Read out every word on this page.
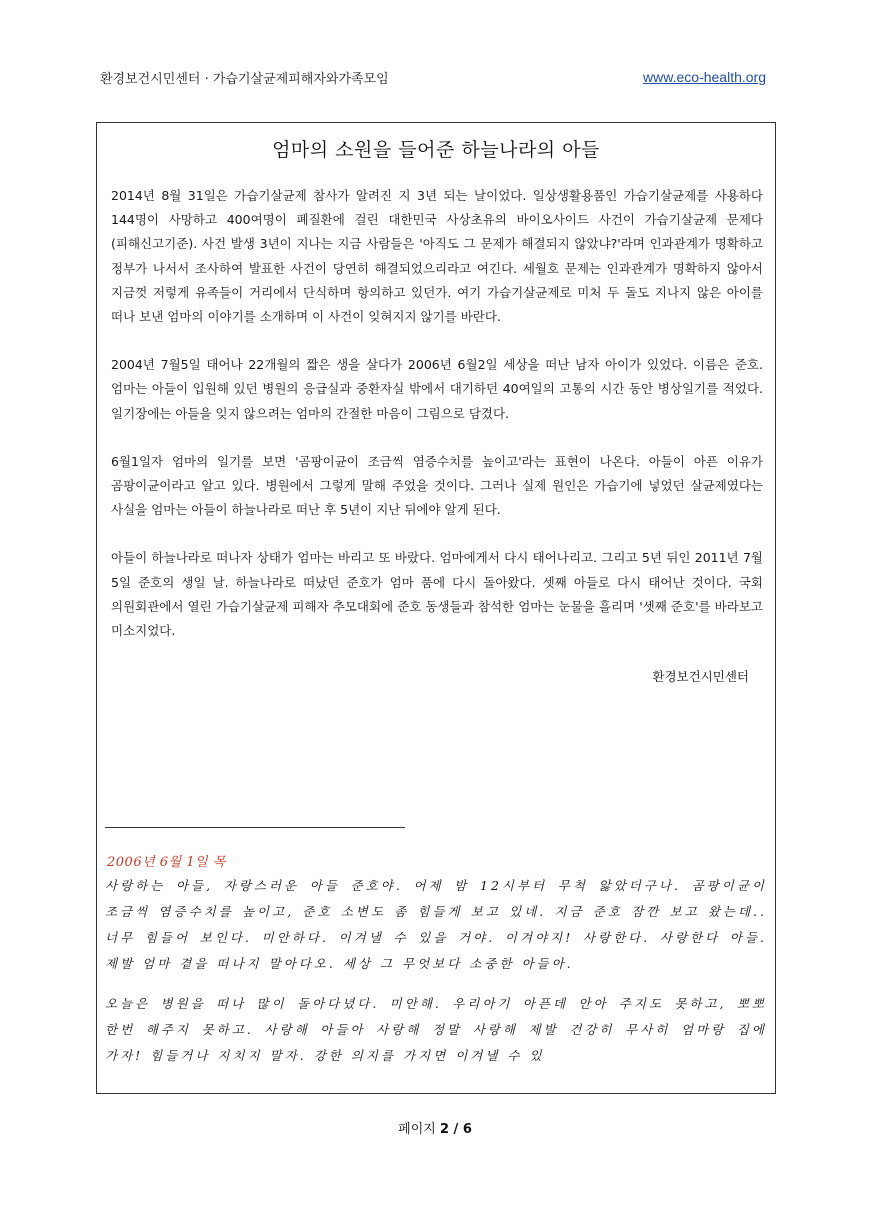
환경보건시민센터 · 가습기살균제피해자와가족모임	www.eco-health.org
엄마의 소원을 들어준 하늘나라의 아들

2014년 8월 31일은 가습기살균제 참사가 알려진 지 3년 되는 날이었다. 일상생활용품인 가습기살균제를 사용하다 144명이 사망하고 400여명이 폐질환에 걸린 대한민국 사상초유의 바이오사이드 사건이 가습기살균제 문제다(피해신고기준). 사건 발생 3년이 지나는 지금 사람들은 '아직도 그 문제가 해결되지 않았냐?'라며 인과관계가 명확하고 정부가 나서서 조사하여 발표한 사건이 당연히 해결되었으리라고 여긴다. 세월호 문제는 인과관계가 명확하지 않아서 지금껏 저렇게 유족들이 거리에서 단식하며 항의하고 있던가. 여기 가습기살균제로 미처 두 돌도 지나지 않은 아이를 떠나 보낸 엄마의 이야기를 소개하며 이 사건이 잊혀지지 않기를 바란다.

2004년 7월5일 태어나 22개월의 짧은 생을 살다가 2006년 6월2일 세상을 떠난 남자 아이가 있었다. 이름은 준호. 엄마는 아들이 입원해 있던 병원의 응급실과 중환자실 밖에서 대기하던 40여일의 고통의 시간 동안 병상일기를 적었다. 일기장에는 아들을 잊지 않으려는 엄마의 간절한 마음이 그림으로 담겼다.

6월1일자 엄마의 일기를 보면 '곰팡이균이 조금씩 염증수치를 높이고'라는 표현이 나온다. 아들이 아픈 이유가 곰팡이균이라고 알고 있다. 병원에서 그렇게 말해 주었을 것이다. 그러나 실제 원인은 가습기에 넣었던 살균제였다는 사실을 엄마는 아들이 하늘나라로 떠난 후 5년이 지난 뒤에야 알게 된다.

아들이 하늘나라로 떠나자 상태가 엄마는 바리고 또 바랐다. 엄마에게서 다시 태어나리고. 그리고 5년 뒤인 2011년 7월 5일 준호의 생일 날. 하늘나라로 떠났던 준호가 엄마 품에 다시 돌아왔다. 셋째 아들로 다시 태어난 것이다. 국회 의원회관에서 열린 가습기살균제 피해자 추모대회에 준호 동생들과 참석한 엄마는 눈물을 흘리며 '셋째 준호'를 바라보고 미소지었다.

환경보건시민센터
2006년 6월 1일 목

사랑하는 아들, 자랑스러운 아들 준호야. 어제 밤 12시부터 무척 앓았더구나. 곰팡이균이 조금씩 염증수치를 높이고, 준호 소변도 좀 힘들게 보고 있네. 지금 준호 잠깐 보고 왔는데.. 너무 힘들어 보인다. 미안하다. 이겨낼 수 있을 거야. 이겨야지! 사랑한다. 사랑한다 아들. 제발 엄마 곁을 떠나지 말아다오. 세상 그 무엇보다 소중한 아들아.

오늘은 병원을 떠나 많이 돌아다녔다. 미안해. 우리아기 아픈데 안아 주지도 못하고, 뽀뽀 한번 해주지 못하고. 사랑해 아들아 사랑해 정말 사랑해 제발 건강히 무사히 엄마랑 집에 가자! 힘들거나 지치지 말자. 강한 의지를 가지면 이겨낼 수 있

페이지 2 / 6
